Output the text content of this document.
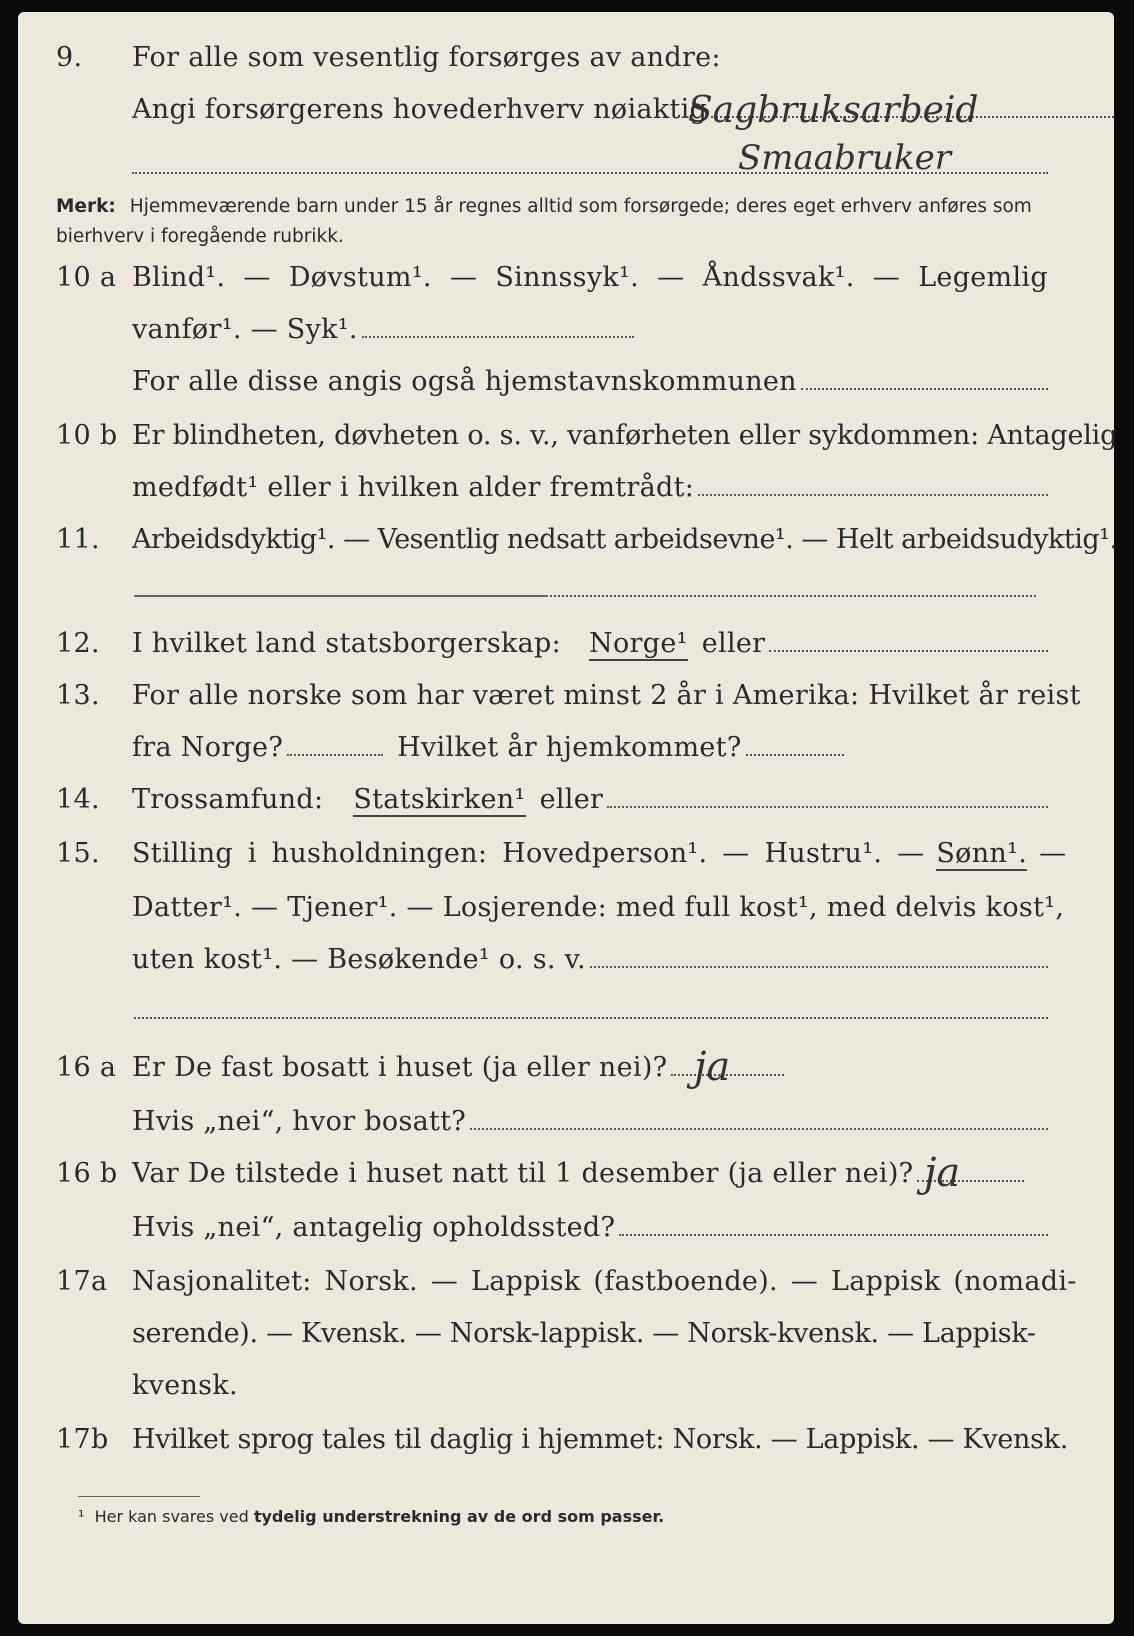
9.	For alle som vesentlig forsørges av andre:
Angi forsørgerens hovederhverv nøiaktig
Sagbruksarbeid
Smaabruker
Merk: Hjemmeværende barn under 15 år regnes alltid som forsørgede; deres eget erhverv anføres som bierhverv i foregående rubrikk.
10 a Blind¹. — Døvstum¹. — Sinnssyk¹. — Åndssvak¹. — Legemlig
vanfør¹. — Syk¹.
For alle disse angis også hjemstavnskommunen
10 b Er blindheten, døvheten o. s. v., vanførheten eller sykdommen: Antagelig
medfødt¹ eller i hvilken alder fremtrådt:
11.	Arbeidsdyktig¹. — Vesentlig nedsatt arbeidsevne¹. — Helt arbeidsudyktig¹.
12.	I hvilket land statsborgerskap: Norge¹ eller
13.	For alle norske som har været minst 2 år i Amerika: Hvilket år reist
fra Norge?	Hvilket år hjemkommet?
14.	Trossamfund: Statskirken¹ eller
15.	Stilling i husholdningen: Hovedperson¹. — Hustru¹. — Sønn¹. —
Datter¹. — Tjener¹. — Losjerende: med full kost¹, med delvis kost¹,
uten kost¹. — Besøkende¹ o. s. v.
16 a Er De fast bosatt i huset (ja eller nei)? ja
Hvis „nei“, hvor bosatt?
16 b Var De tilstede i huset natt til 1 desember (ja eller nei)? ja
Hvis „nei“, antagelig opholdssted?
17a Nasjonalitet: Norsk. — Lappisk (fastboende). — Lappisk (nomadi-
serende). — Kvensk. — Norsk-lappisk. — Norsk-kvensk. — Lappisk-
kvensk.
17b Hvilket sprog tales til daglig i hjemmet: Norsk. — Lappisk. — Kvensk.
¹ Her kan svares ved tydelig understrekning av de ord som passer.
